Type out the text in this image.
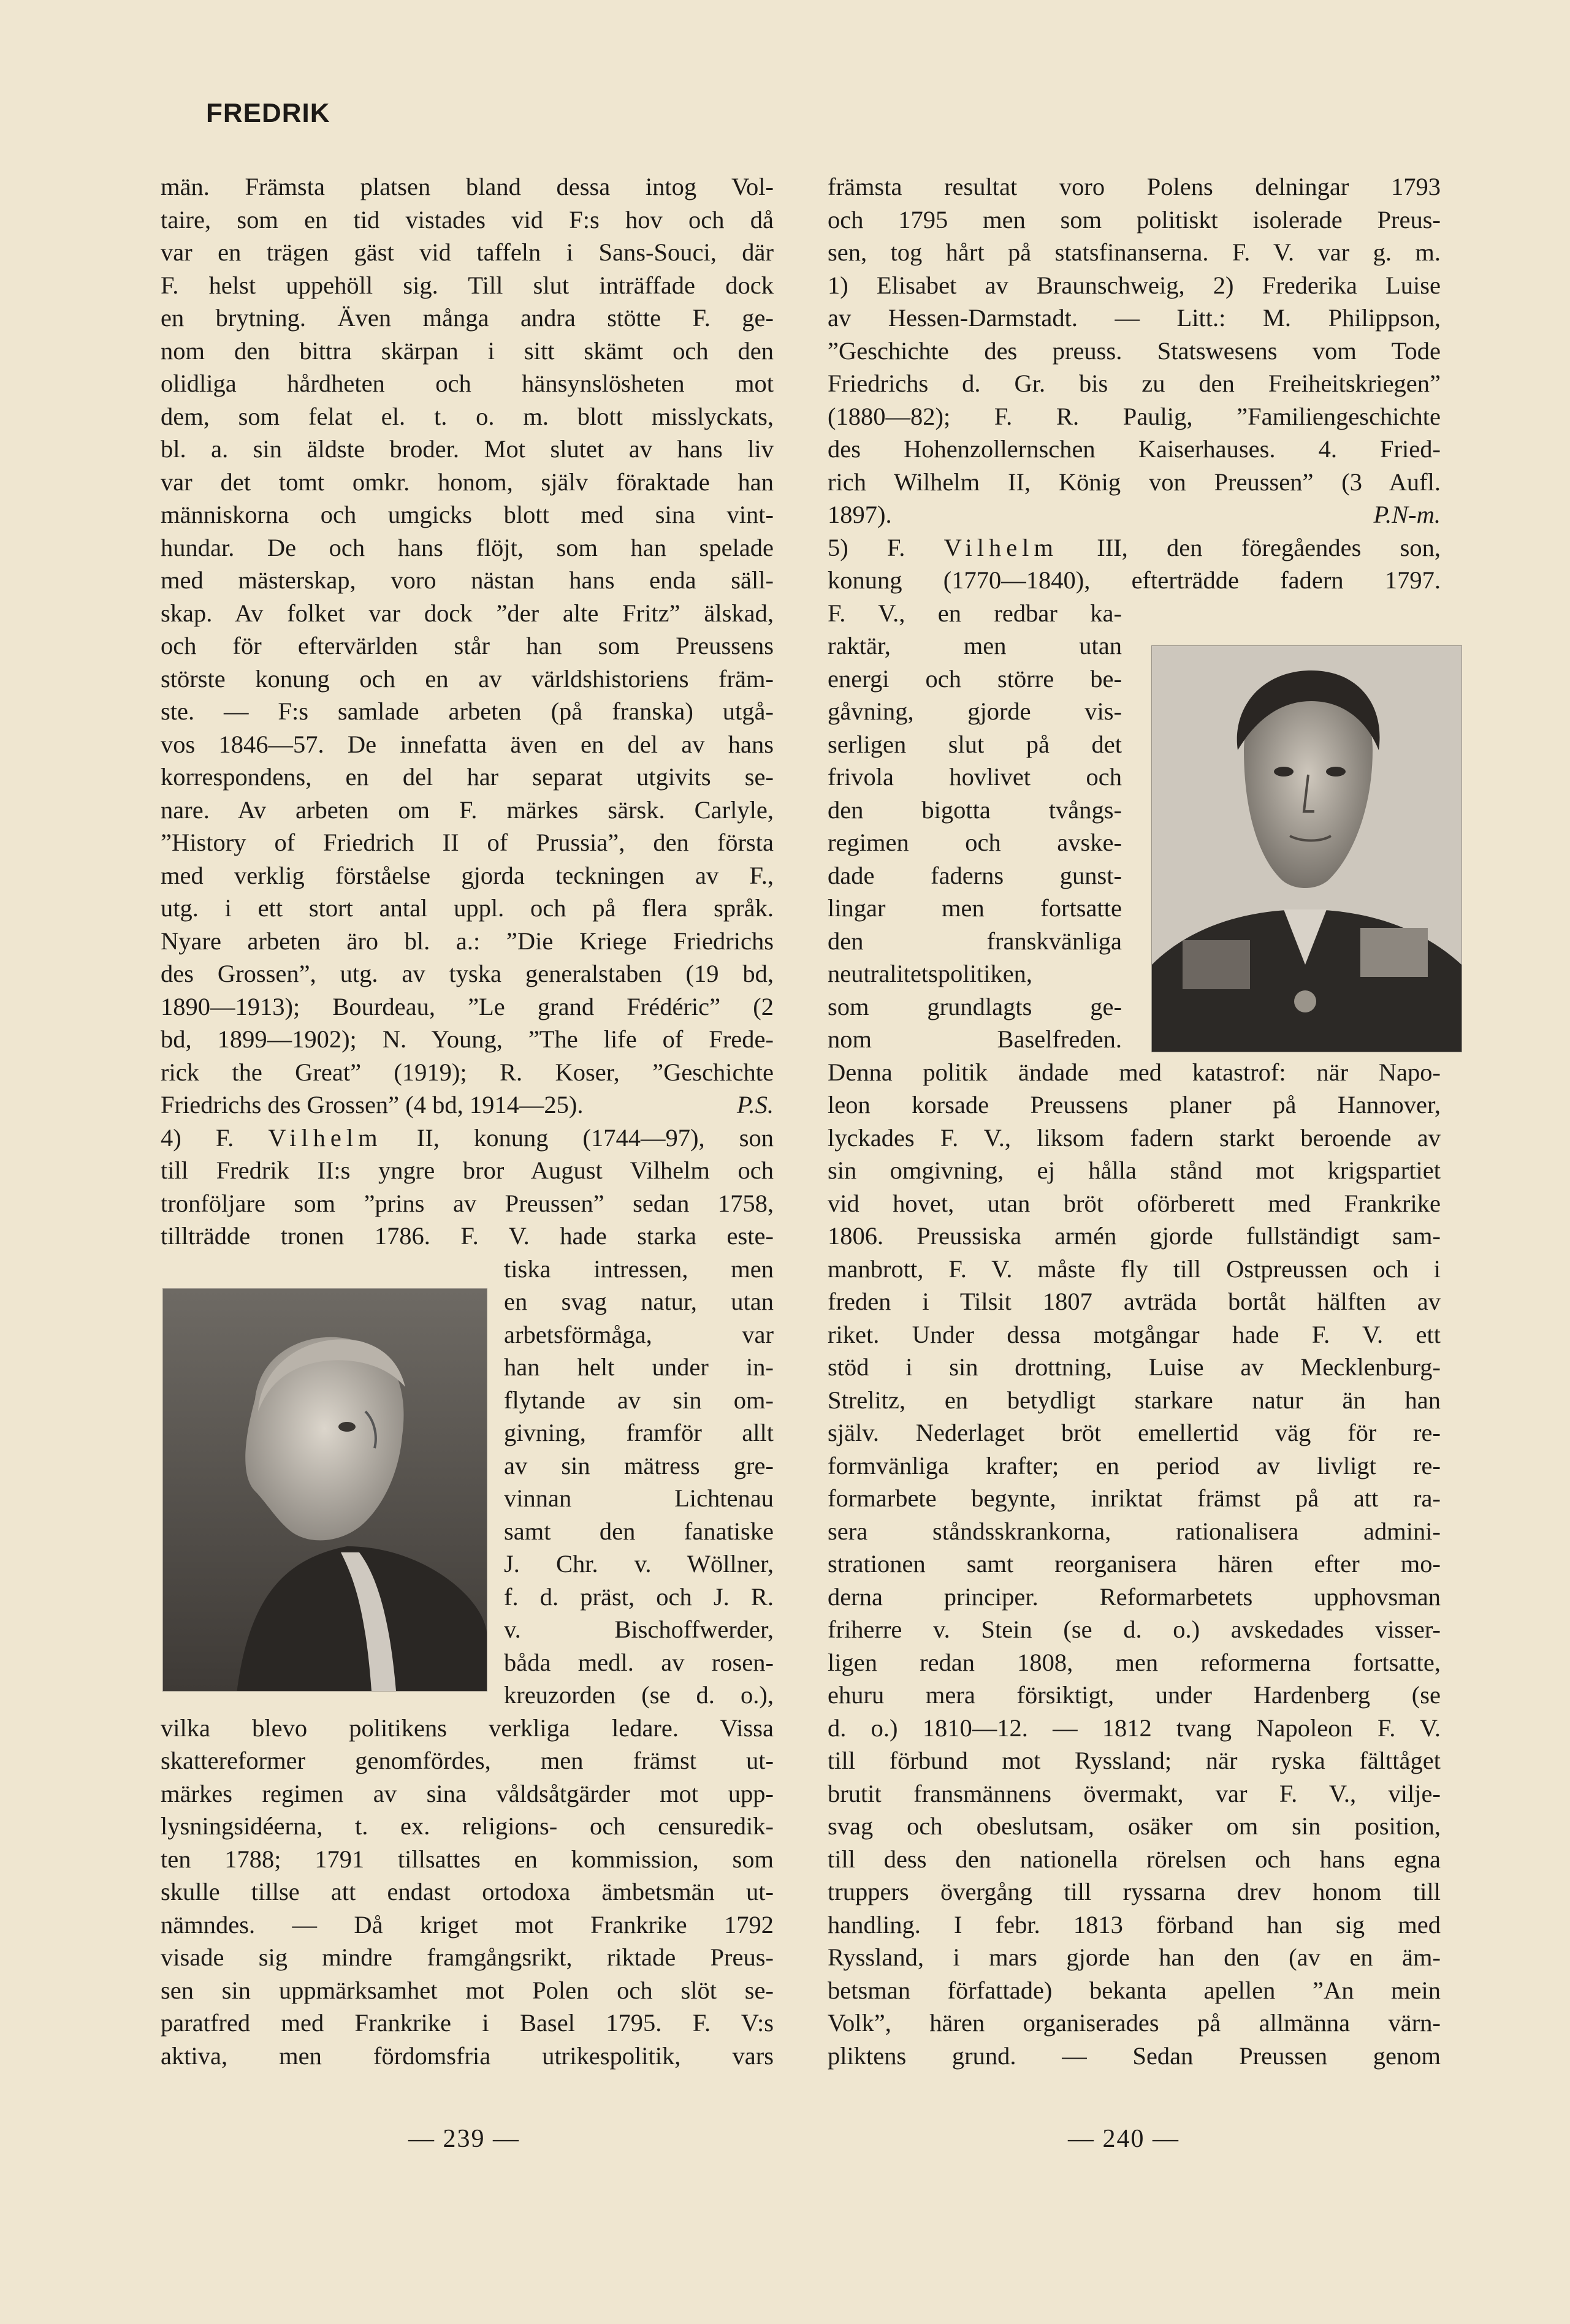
FREDRIK
män. Främsta platsen bland dessa intog Vol-
taire, som en tid vistades vid F:s hov och då
var en trägen gäst vid taffeln i Sans-Souci, där
F. helst uppehöll sig. Till slut inträffade dock
en brytning. Även många andra stötte F. ge-
nom den bittra skärpan i sitt skämt och den
olidliga hårdheten och hänsynslösheten mot
dem, som felat el. t. o. m. blott misslyckats,
bl. a. sin äldste broder. Mot slutet av hans liv
var det tomt omkr. honom, själv föraktade han
människorna och umgicks blott med sina vint-
hundar. De och hans flöjt, som han spelade
med mästerskap, voro nästan hans enda säll-
skap. Av folket var dock ”der alte Fritz” älskad,
och för eftervärlden står han som Preussens
störste konung och en av världshistoriens främ-
ste. — F:s samlade arbeten (på franska) utgå-
vos 1846—57. De innefatta även en del av hans
korrespondens, en del har separat utgivits se-
nare. Av arbeten om F. märkes särsk. Carlyle,
”History of Friedrich II of Prussia”, den första
med verklig förståelse gjorda teckningen av F.,
utg. i ett stort antal uppl. och på flera språk.
Nyare arbeten äro bl. a.: ”Die Kriege Friedrichs
des Grossen”, utg. av tyska generalstaben (19 bd,
1890—1913); Bourdeau, ”Le grand Frédéric” (2
bd, 1899—1902); N. Young, ”The life of Frede-
rick the Great” (1919); R. Koser, ”Geschichte
Friedrichs des Grossen” (4 bd, 1914—25).	P.S.
4) F. Vilhelm II, konung (1744—97), son
till Fredrik II:s yngre bror August Vilhelm och
tronföljare som ”prins av Preussen” sedan 1758,
tillträdde tronen 1786. F. V. hade starka este-
tiska intressen, men
en svag natur, utan
arbetsförmåga, var
han helt under in-
flytande av sin om-
givning, framför allt
av sin mätress gre-
vinnan Lichtenau
samt den fanatiske
J. Chr. v. Wöllner,
f. d. präst, och J. R.
v. Bischoffwerder,
båda medl. av rosen-
kreuzorden (se d. o.),
vilka blevo politikens verkliga ledare. Vissa
skattereformer genomfördes, men främst ut-
märkes regimen av sina våldsåtgärder mot upp-
lysningsidéerna, t. ex. religions- och censuredik-
ten 1788; 1791 tillsattes en kommission, som
skulle tillse att endast ortodoxa ämbetsmän ut-
nämndes. — Då kriget mot Frankrike 1792
visade sig mindre framgångsrikt, riktade Preus-
sen sin uppmärksamhet mot Polen och slöt se-
paratfred med Frankrike i Basel 1795. F. V:s
aktiva, men fördomsfria utrikespolitik, vars
främsta resultat voro Polens delningar 1793
och 1795 men som politiskt isolerade Preus-
sen, tog hårt på statsfinanserna. F. V. var g. m.
1) Elisabet av Braunschweig, 2) Frederika Luise
av Hessen-Darmstadt. — Litt.: M. Philippson,
”Geschichte des preuss. Statswesens vom Tode
Friedrichs d. Gr. bis zu den Freiheitskriegen”
(1880—82); F. R. Paulig, ”Familiengeschichte
des Hohenzollernschen Kaiserhauses. 4. Fried-
rich Wilhelm II, König von Preussen” (3 Aufl.
1897).	P.N-m.
5) F. Vilhelm III, den föregåendes son,
konung (1770—1840), efterträdde fadern 1797.
F. V., en redbar ka-
raktär, men utan
energi och större be-
gåvning, gjorde vis-
serligen slut på det
frivola hovlivet och
den bigotta tvångs-
regimen och avske-
dade faderns gunst-
lingar men fortsatte
den franskvänliga
neutralitetspolitiken,
som grundlagts ge-
nom Baselfreden.
Denna politik ändade med katastrof: när Napo-
leon korsade Preussens planer på Hannover,
lyckades F. V., liksom fadern starkt beroende av
sin omgivning, ej hålla stånd mot krigspartiet
vid hovet, utan bröt oförberett med Frankrike
1806. Preussiska armén gjorde fullständigt sam-
manbrott, F. V. måste fly till Ostpreussen och i
freden i Tilsit 1807 avträda bortåt hälften av
riket. Under dessa motgångar hade F. V. ett
stöd i sin drottning, Luise av Mecklenburg-
Strelitz, en betydligt starkare natur än han
själv. Nederlaget bröt emellertid väg för re-
formvänliga krafter; en period av livligt re-
formarbete begynte, inriktat främst på att ra-
sera ståndsskrankorna, rationalisera admini-
strationen samt reorganisera hären efter mo-
derna principer. Reformarbetets upphovsman
friherre v. Stein (se d. o.) avskedades visser-
ligen redan 1808, men reformerna fortsatte,
ehuru mera försiktigt, under Hardenberg (se
d. o.) 1810—12. — 1812 tvang Napoleon F. V.
till förbund mot Ryssland; när ryska fälttåget
brutit fransmännens övermakt, var F. V., vilje-
svag och obeslutsam, osäker om sin position,
till dess den nationella rörelsen och hans egna
truppers övergång till ryssarna drev honom till
handling. I febr. 1813 förband han sig med
Ryssland, i mars gjorde han den (av en äm-
betsman författade) bekanta apellen ”An mein
Volk”, hären organiserades på allmänna värn-
pliktens grund. — Sedan Preussen genom
— 239 —	— 240 —
